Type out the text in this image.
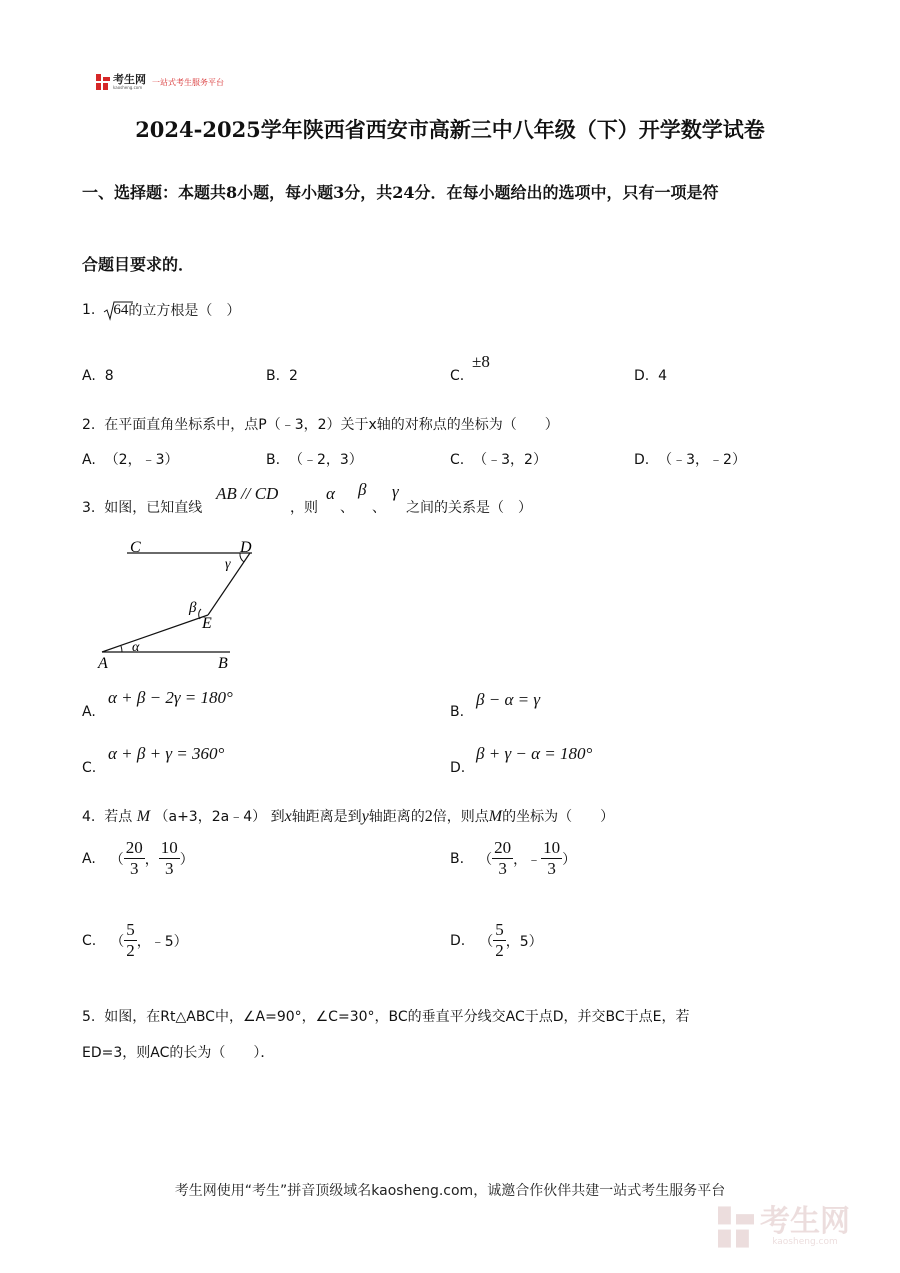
考生网
kaosheng.com
一站式考生服务平台
2024-2025学年陕西省西安市高新三中八年级（下）开学数学试卷
一、选择题：本题共8小题，每小题3分，共24分．在每小题给出的选项中，只有一项是符
合题目要求的．
1.	64 的立方根是（　）
A. 8	B. 2	C.
±8
D. 4
2. 在平面直角坐标系中，点P（﹣3，2）关于x轴的对称点的坐标为（　　）
A. （2，﹣3）	B. （﹣2，3）	C. （﹣3，2）	D. （﹣3，﹣2）
3. 如图，已知直线
AB // CD
，则
α
、
β
、
γ
之间的关系是（　）
C	D
γ
β
E
α
A	B
A.
α + β − 2γ = 180°
B.
β − α = γ
C.
α + β + γ = 360°
D.
β + γ − α = 180°
4. 若点 M （a+3，2a﹣4） 到x轴距离是到y轴距离的2倍，则点M的坐标为（　　）
A. （ $\frac{20}{3}$ ， $\frac{10}{3}$ ）	B. （ $\frac{20}{3}$ ，﹣ $\frac{10}{3}$ ）
C. （ $\frac{5}{2}$ ，﹣5）	D. （ $\frac{5}{2}$ ，5）
5. 如图，在Rt△ABC中，∠A=90°，∠C=30°，BC的垂直平分线交AC于点D，并交BC于点E，若
ED=3，则AC的长为（　　）．
考生网使用“考生”拼音顶级域名kaosheng.com，诚邀合作伙伴共建一站式考生服务平台
考生网
kaosheng.com
